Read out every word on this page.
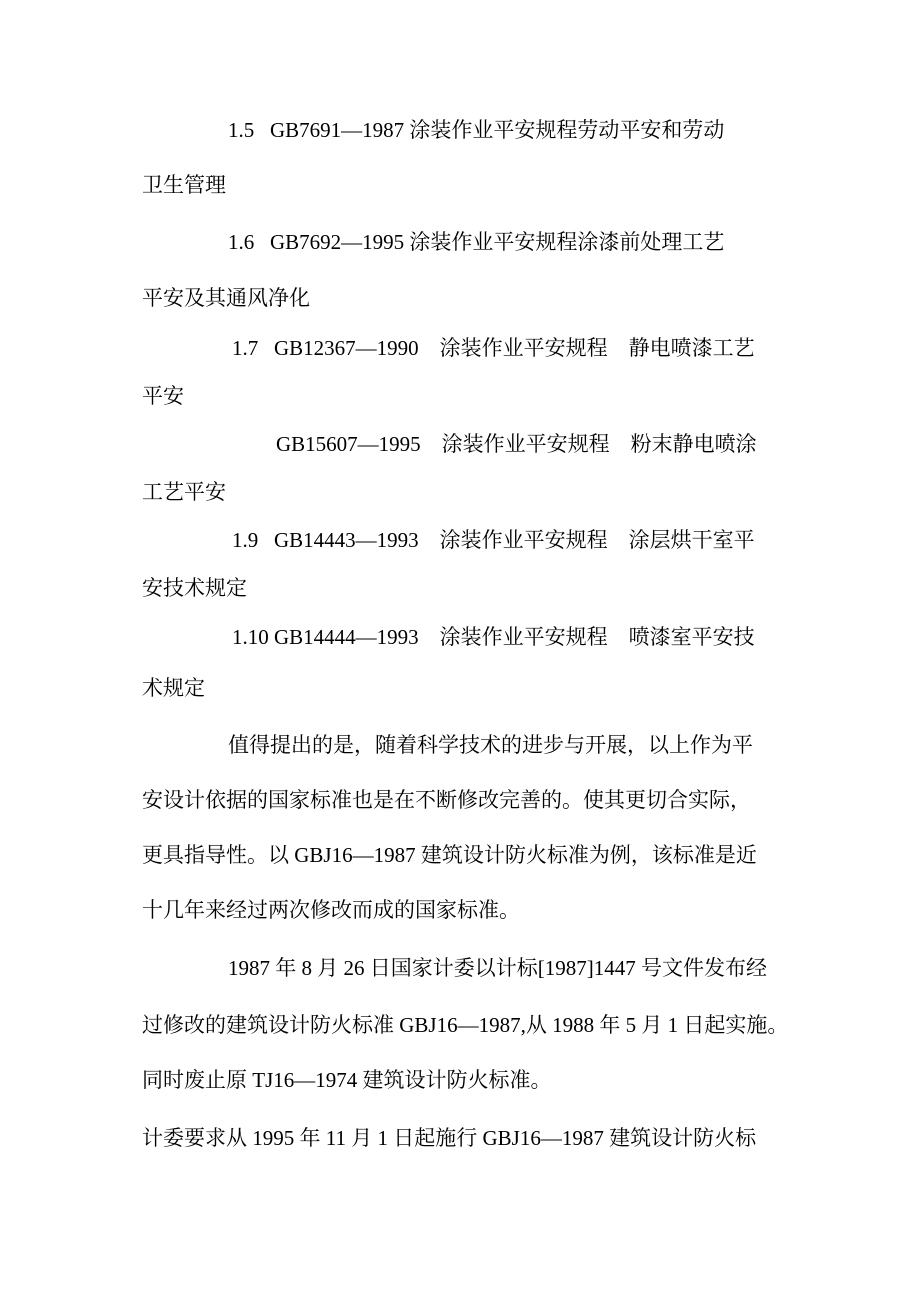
1.5   GB7691—1987 涂装作业平安规程劳动平安和劳动
卫生管理
1.6   GB7692—1995 涂装作业平安规程涂漆前处理工艺
平安及其通风净化
1.7   GB12367—1990    涂装作业平安规程    静电喷漆工艺
平安
GB15607—1995    涂装作业平安规程    粉末静电喷涂
工艺平安
1.9   GB14443—1993    涂装作业平安规程    涂层烘干室平
安技术规定
1.10 GB14444—1993    涂装作业平安规程    喷漆室平安技
术规定
值得提出的是，随着科学技术的进步与开展，以上作为平
安设计依据的国家标准也是在不断修改完善的。使其更切合实际，
更具指导性。以 GBJ16—1987 建筑设计防火标准为例，该标准是近
十几年来经过两次修改而成的国家标准。
1987 年 8 月 26 日国家计委以计标[1987]1447 号文件发布经
过修改的建筑设计防火标准 GBJ16—1987,从 1988 年 5 月 1 日起实施。
同时废止原 TJ16—1974 建筑设计防火标准。
计委要求从 1995 年 11 月 1 日起施行 GBJ16—1987 建筑设计防火标
